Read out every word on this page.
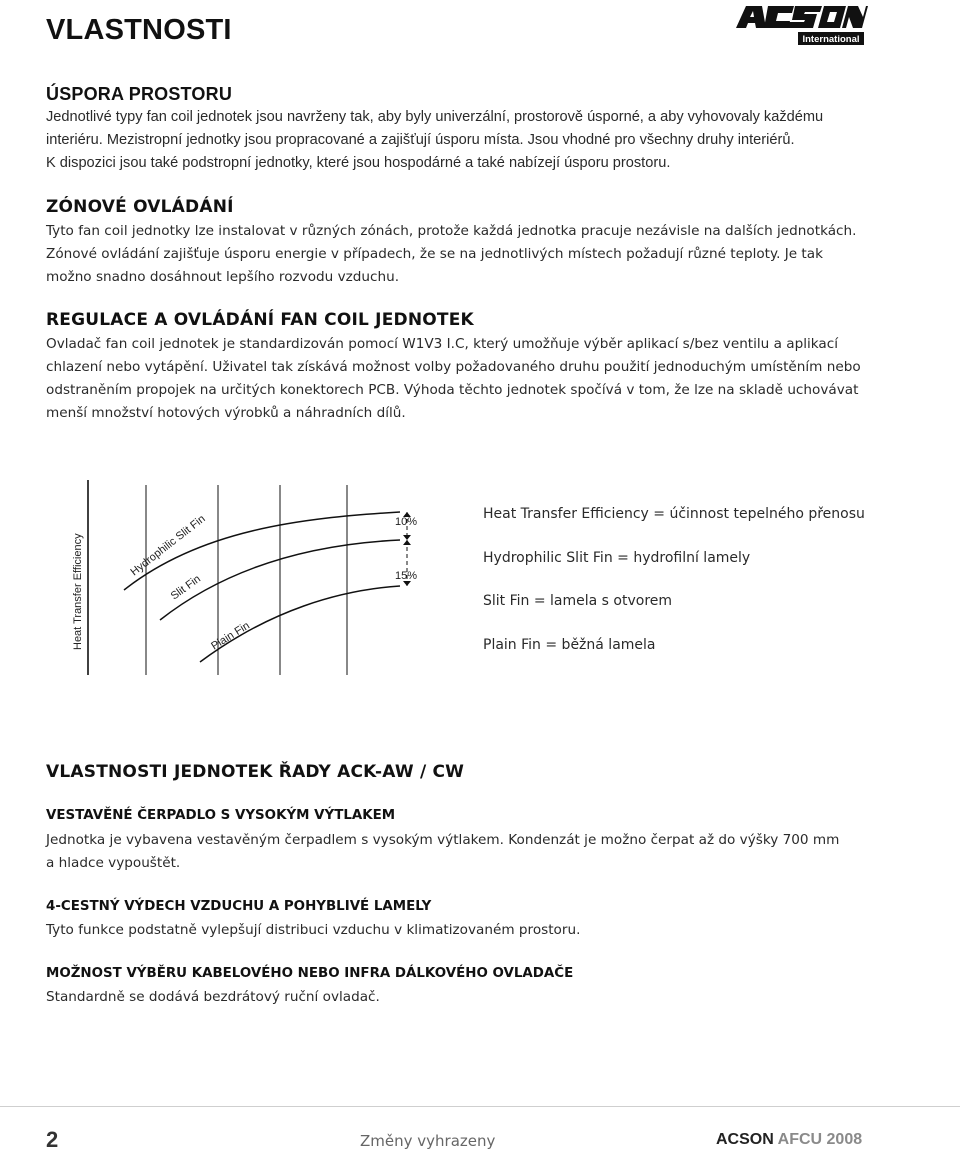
VLASTNOSTI	International
ÚSPORA PROSTORU
Jednotlivé typy fan coil jednotek jsou navrženy tak, aby byly univerzální, prostorově úsporné, a aby vyhovovaly každému
interiéru. Mezistropní jednotky jsou propracované a zajišťují úsporu místa. Jsou vhodné pro všechny druhy interiérů.
K dispozici jsou také podstropní jednotky, které jsou hospodárné a také nabízejí úsporu prostoru.
ZÓNOVÉ OVLÁDÁNÍ
Tyto fan coil jednotky lze instalovat v různých zónách, protože každá jednotka pracuje nezávisle na dalších jednotkách.
Zónové ovládání zajišťuje úsporu energie v případech, že se na jednotlivých místech požadují různé teploty. Je tak
možno snadno dosáhnout lepšího rozvodu vzduchu.
REGULACE A OVLÁDÁNÍ FAN COIL JEDNOTEK
Ovladač fan coil jednotek je standardizován pomocí W1V3 I.C, který umožňuje výběr aplikací s/bez ventilu a aplikací
chlazení nebo vytápění. Uživatel tak získává možnost volby požadovaného druhu použití jednoduchým umístěním nebo
odstraněním propojek na určitých konektorech PCB. Výhoda těchto jednotek spočívá v tom, že lze na skladě uchovávat
menší množství hotových výrobků a náhradních dílů.
10%
15%
Heat Transfer Efficiency	Hydrophilic Slit Fin
Slit Fin
Plain Fin
Heat Transfer Efficiency = účinnost tepelného přenosu
Hydrophilic Slit Fin = hydrofilní lamely
Slit Fin = lamela s otvorem
Plain Fin = běžná lamela
VLASTNOSTI JEDNOTEK ŘADY ACK-AW / CW
VESTAVĚNÉ ČERPADLO S VYSOKÝM VÝTLAKEM
Jednotka je vybavena vestavěným čerpadlem s vysokým výtlakem. Kondenzát je možno čerpat až do výšky 700 mm
a hladce vypouštět.
4-CESTNÝ VÝDECH VZDUCHU A POHYBLIVÉ LAMELY
Tyto funkce podstatně vylepšují distribuci vzduchu v klimatizovaném prostoru.
MOŽNOST VÝBĚRU KABELOVÉHO NEBO INFRA DÁLKOVÉHO OVLADAČE
Standardně se dodává bezdrátový ruční ovladač.
2	Změny vyhrazeny	ACSON AFCU 2008
